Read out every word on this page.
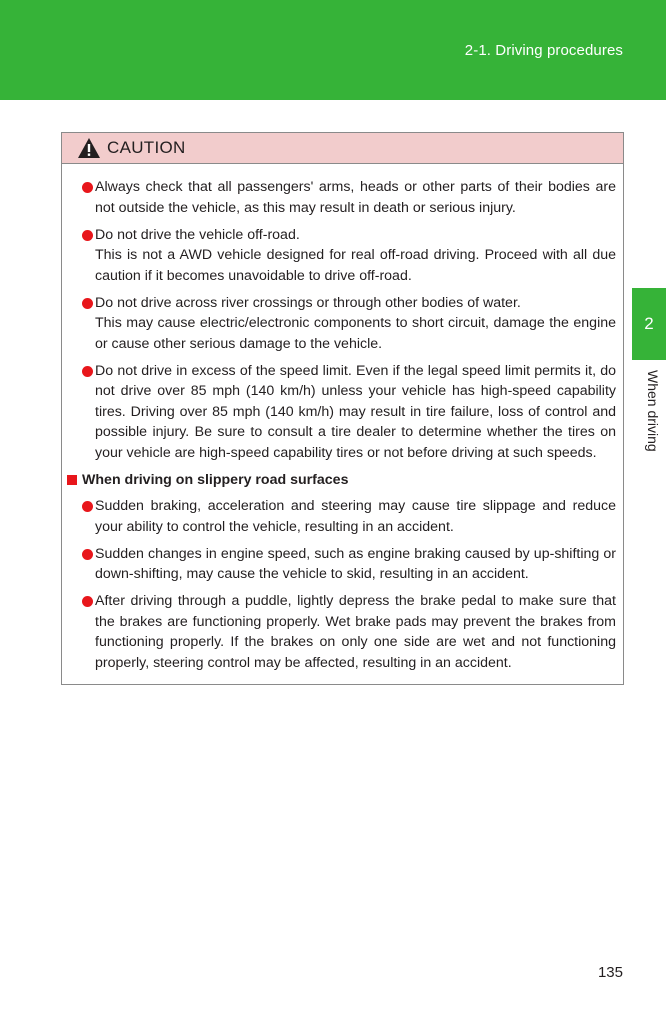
2-1. Driving procedures
2
When driving
CAUTION

Always check that all passengers' arms, heads or other parts of their bodies are not outside the vehicle, as this may result in death or serious injury.

Do not drive the vehicle off-road.

This is not a AWD vehicle designed for real off-road driving. Proceed with all due caution if it becomes unavoidable to drive off-road.

Do not drive across river crossings or through other bodies of water.

This may cause electric/electronic components to short circuit, damage the engine or cause other serious damage to the vehicle.

Do not drive in excess of the speed limit. Even if the legal speed limit permits it, do not drive over 85 mph (140 km/h) unless your vehicle has high-speed capability tires. Driving over 85 mph (140 km/h) may result in tire failure, loss of control and possible injury. Be sure to consult a tire dealer to determine whether the tires on your vehicle are high-speed capability tires or not before driving at such speeds.

When driving on slippery road surfaces

Sudden braking, acceleration and steering may cause tire slippage and reduce your ability to control the vehicle, resulting in an accident.

Sudden changes in engine speed, such as engine braking caused by up-shifting or down-shifting, may cause the vehicle to skid, resulting in an accident.

After driving through a puddle, lightly depress the brake pedal to make sure that the brakes are functioning properly. Wet brake pads may prevent the brakes from functioning properly. If the brakes on only one side are wet and not functioning properly, steering control may be affected, resulting in an accident.

135
